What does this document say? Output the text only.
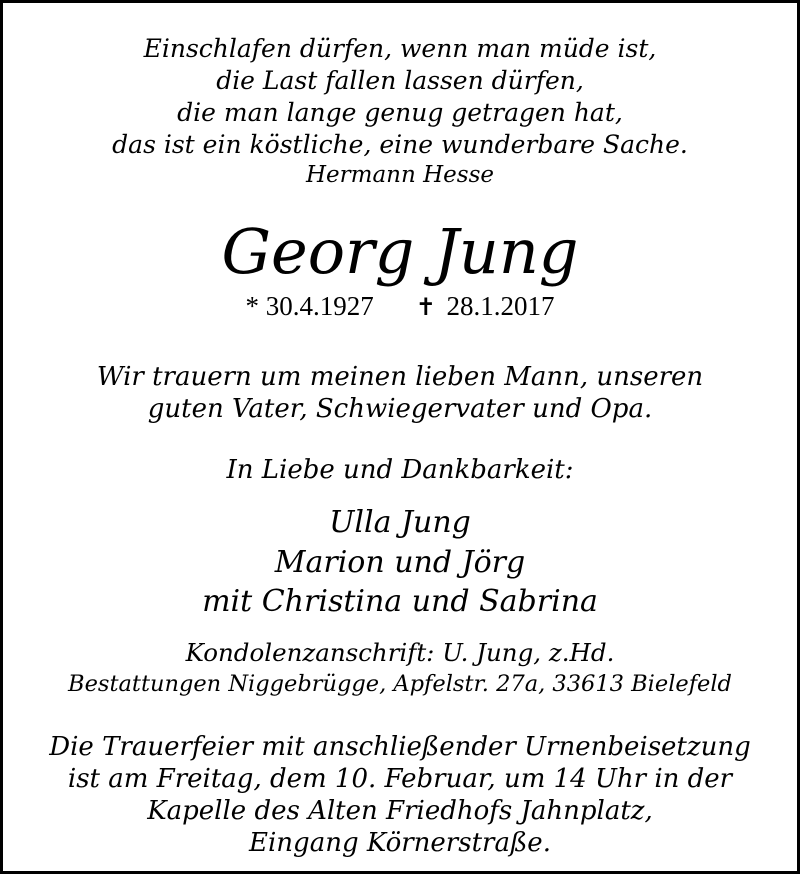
Einschlafen dürfen, wenn man müde ist,
die Last fallen lassen dürfen,
die man lange genug getragen hat,
das ist ein köstliche, eine wunderbare Sache.
Hermann Hesse
Georg Jung
* 30.4.1927 ✝ 28.1.2017
Wir trauern um meinen lieben Mann, unseren
guten Vater, Schwiegervater und Opa.
In Liebe und Dankbarkeit:
Ulla Jung
Marion und Jörg
mit Christina und Sabrina
Kondolenzanschrift: U. Jung, z.Hd.
Bestattungen Niggebrügge, Apfelstr. 27a, 33613 Bielefeld
Die Trauerfeier mit anschließender Urnenbeisetzung
ist am Freitag, dem 10. Februar, um 14 Uhr in der
Kapelle des Alten Friedhofs Jahnplatz,
Eingang Körnerstraße.
